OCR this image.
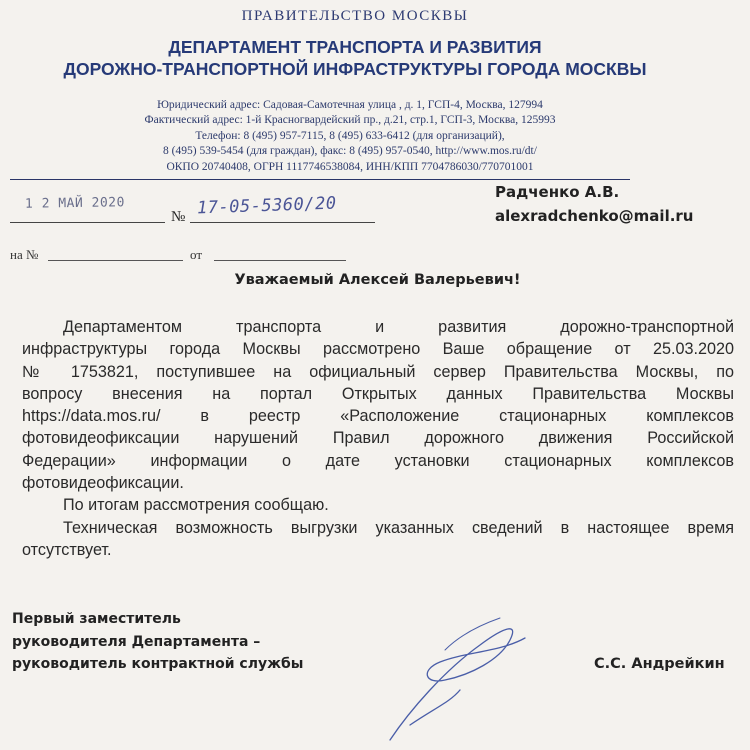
ПРАВИТЕЛЬСТВО МОСКВЫ
ДЕПАРТАМЕНТ ТРАНСПОРТА И РАЗВИТИЯ
ДОРОЖНО-ТРАНСПОРТНОЙ ИНФРАСТРУКТУРЫ ГОРОДА МОСКВЫ
Юридический адрес: Садовая-Самотечная улица , д. 1, ГСП-4, Москва, 127994
Фактический адрес: 1-й Красногвардейский пр., д.21, стр.1, ГСП-3, Москва, 125993
Телефон: 8 (495) 957-7115, 8 (495) 633-6412 (для организаций),
8 (495) 539-5454 (для граждан), факс: 8 (495) 957-0540, http://www.mos.ru/dt/
ОКПО 20740408, ОГРН 1117746538084, ИНН/КПП 7704786030/770701001
1 2 МАЙ 2020
№ 17-05-5360/20
на №	от
Радченко А.В.
alexradchenko@mail.ru
Уважаемый Алексей Валерьевич!

Департаментом транспорта и развития дорожно-транспортной

инфраструктуры города Москвы рассмотрено Ваше обращение от 25.03.2020

№ 1753821, поступившее на официальный сервер Правительства Москвы, по

вопросу внесения на портал Открытых данных Правительства Москвы

https://data.mos.ru/ в реестр «Расположение стационарных комплексов

фотовидеофиксации нарушений Правил дорожного движения Российской

Федерации» информации о дате установки стационарных комплексов

фотовидеофиксации.

По итогам рассмотрения сообщаю.

Техническая возможность выгрузки указанных сведений в настоящее время

отсутствует.

Первый заместитель
руководителя Департамента –
руководитель контрактной службы	С.С. Андрейкин
